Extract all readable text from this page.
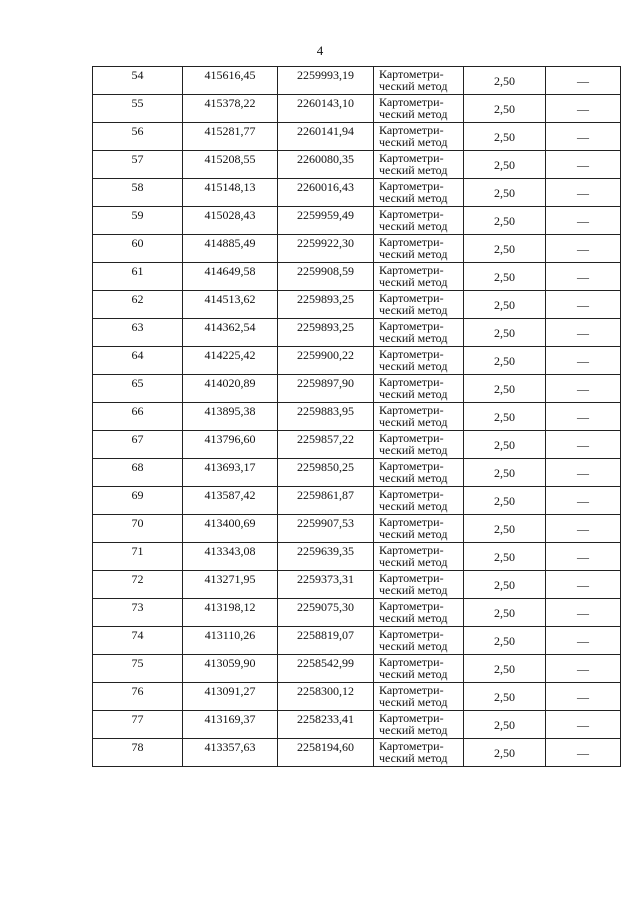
4
54	415616,45	2259993,19	Картометри-
ческий метод	2,50	—
55	415378,22	2260143,10	Картометри-
ческий метод	2,50	—
56	415281,77	2260141,94	Картометри-
ческий метод	2,50	—
57	415208,55	2260080,35	Картометри-
ческий метод	2,50	—
58	415148,13	2260016,43	Картометри-
ческий метод	2,50	—
59	415028,43	2259959,49	Картометри-
ческий метод	2,50	—
60	414885,49	2259922,30	Картометри-
ческий метод	2,50	—
61	414649,58	2259908,59	Картометри-
ческий метод	2,50	—
62	414513,62	2259893,25	Картометри-
ческий метод	2,50	—
63	414362,54	2259893,25	Картометри-
ческий метод	2,50	—
64	414225,42	2259900,22	Картометри-
ческий метод	2,50	—
65	414020,89	2259897,90	Картометри-
ческий метод	2,50	—
66	413895,38	2259883,95	Картометри-
ческий метод	2,50	—
67	413796,60	2259857,22	Картометри-
ческий метод	2,50	—
68	413693,17	2259850,25	Картометри-
ческий метод	2,50	—
69	413587,42	2259861,87	Картометри-
ческий метод	2,50	—
70	413400,69	2259907,53	Картометри-
ческий метод	2,50	—
71	413343,08	2259639,35	Картометри-
ческий метод	2,50	—
72	413271,95	2259373,31	Картометри-
ческий метод	2,50	—
73	413198,12	2259075,30	Картометри-
ческий метод	2,50	—
74	413110,26	2258819,07	Картометри-
ческий метод	2,50	—
75	413059,90	2258542,99	Картометри-
ческий метод	2,50	—
76	413091,27	2258300,12	Картометри-
ческий метод	2,50	—
77	413169,37	2258233,41	Картометри-
ческий метод	2,50	—
78	413357,63	2258194,60	Картометри-
ческий метод	2,50	—
